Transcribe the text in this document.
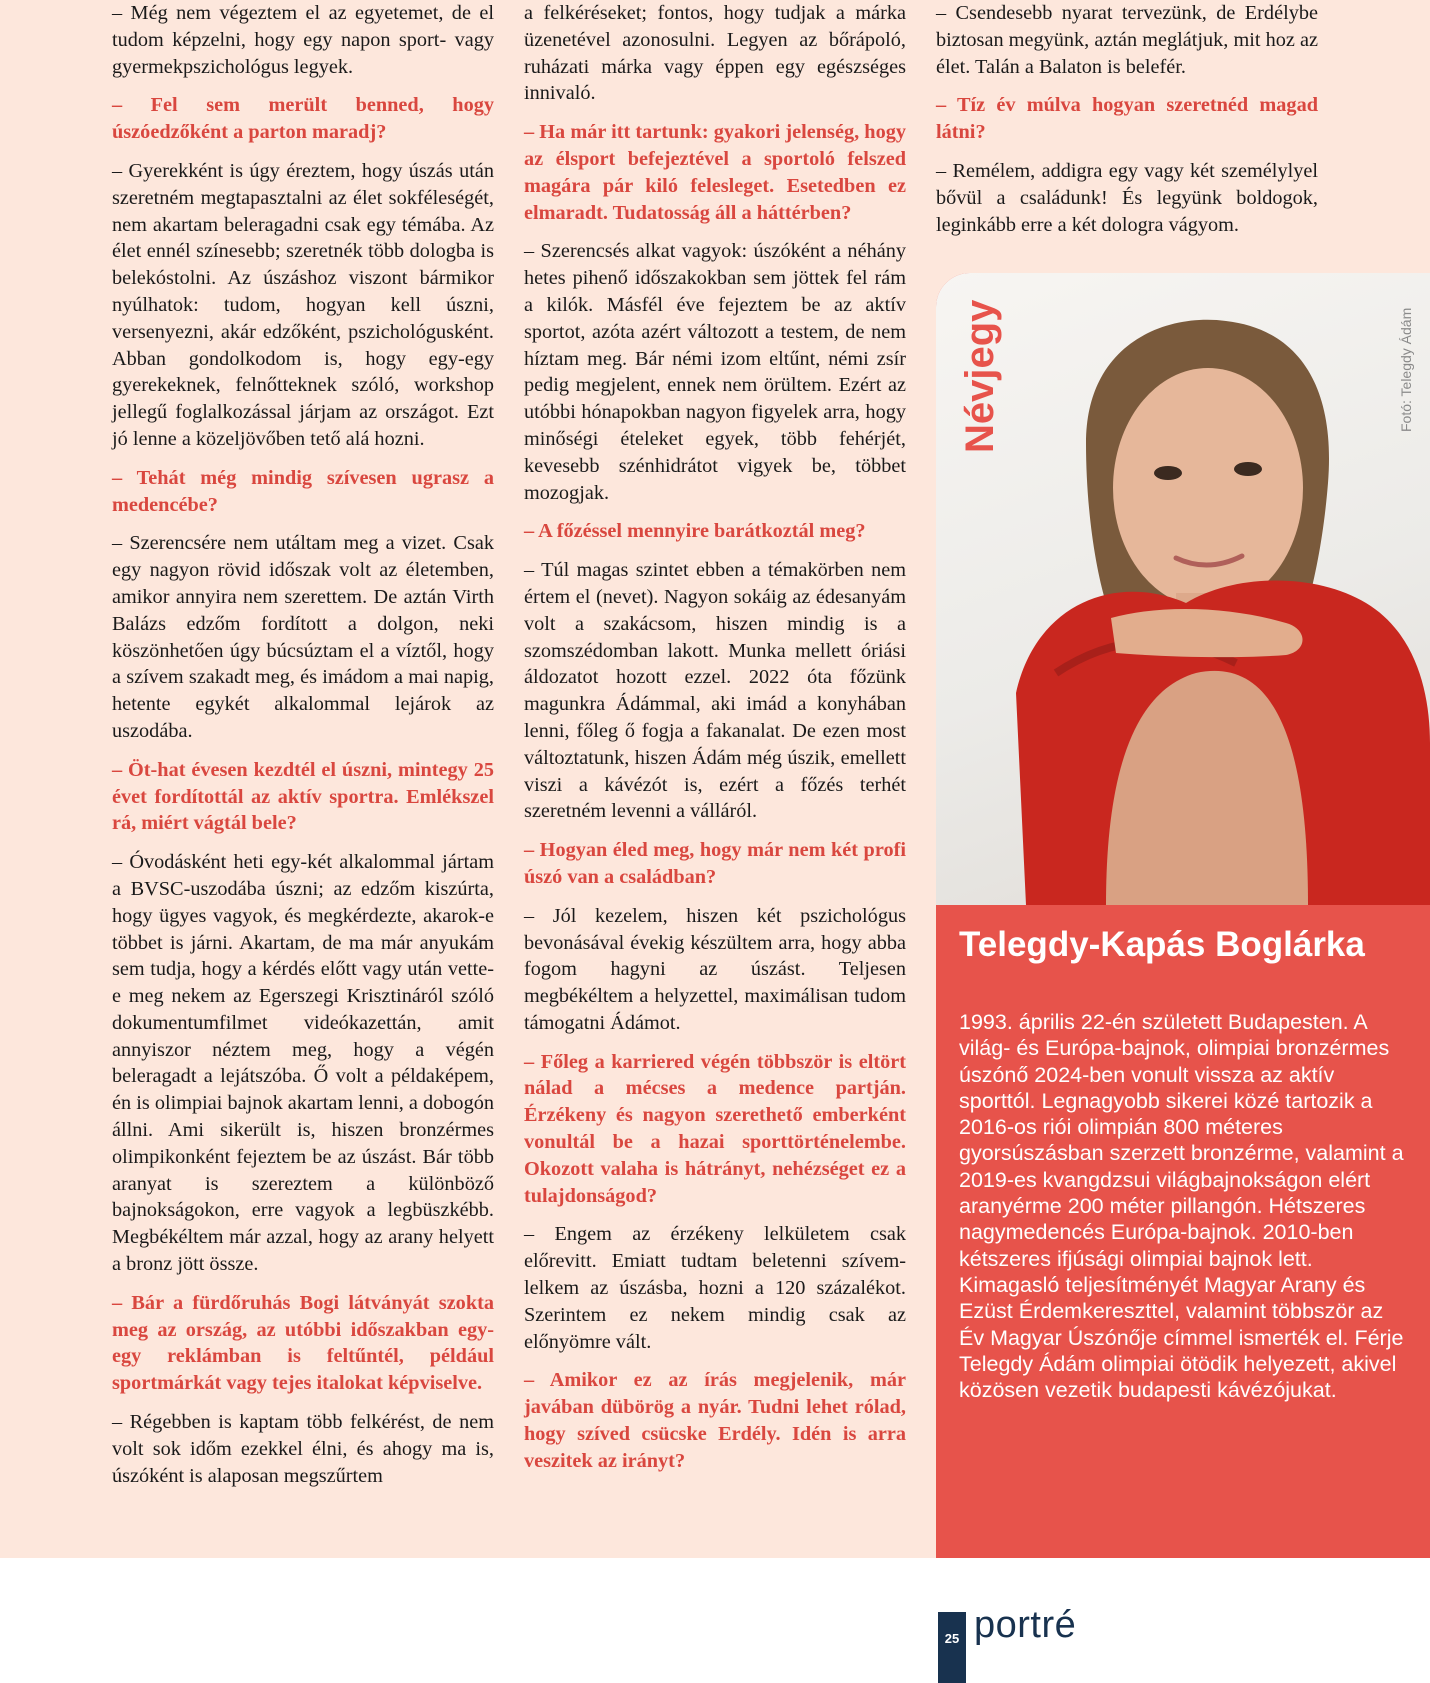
– Még nem végeztem el az egyetemet, de el tudom képzelni, hogy egy napon sport- vagy gyermekpszichológus legyek.

– Fel sem merült benned, hogy úszóedzőként a parton maradj?

– Gyerekként is úgy éreztem, hogy úszás után szeretném megtapasztalni az élet sokféleségét, nem akartam beleragadni csak egy témába. Az élet ennél színesebb; szeretnék több dologba is belekóstolni. Az úszáshoz viszont bármikor nyúlhatok: tudom, hogyan kell úszni, versenyezni, akár edzőként, pszichológusként. Abban gondolkodom is, hogy egy-egy gyerekeknek, felnőtteknek szóló, workshop jellegű foglalkozással járjam az országot. Ezt jó lenne a közeljövőben tető alá hozni.

– Tehát még mindig szívesen ugrasz a medencébe?

– Szerencsére nem utáltam meg a vizet. Csak egy nagyon rövid időszak volt az életemben, amikor annyira nem szerettem. De aztán Virth Balázs edzőm fordított a dolgon, neki köszönhetően úgy búcsúztam el a víztől, hogy a szívem szakadt meg, és imádom a mai napig, hetente egykét alkalommal lejárok az uszodába.

– Öt-hat évesen kezdtél el úszni, mintegy 25 évet fordítottál az aktív sportra. Emlékszel rá, miért vágtál bele?

– Óvodásként heti egy-két alkalommal jártam a BVSC-uszodába úszni; az edzőm kiszúrta, hogy ügyes vagyok, és megkérdezte, akarok-e többet is járni. Akartam, de ma már anyukám sem tudja, hogy a kérdés előtt vagy után vette-e meg nekem az Egerszegi Krisztináról szóló dokumentumfilmet videókazettán, amit annyiszor néztem meg, hogy a végén beleragadt a lejátszóba. Ő volt a példaképem, én is olimpiai bajnok akartam lenni, a dobogón állni. Ami sikerült is, hiszen bronzérmes olimpikonként fejeztem be az úszást. Bár több aranyat is szereztem a különböző bajnokságokon, erre vagyok a legbüszkébb. Megbékéltem már azzal, hogy az arany helyett a bronz jött össze.

– Bár a fürdőruhás Bogi látványát szokta meg az ország, az utóbbi időszakban egy-egy reklámban is feltűntél, például sportmárkát vagy tejes italokat képviselve.

– Régebben is kaptam több felkérést, de nem volt sok időm ezekkel élni, és ahogy ma is, úszóként is alaposan megszűrtem

a felkéréseket; fontos, hogy tudjak a márka üzenetével azonosulni. Legyen az bőrápoló, ruházati márka vagy éppen egy egészséges innivaló.

– Ha már itt tartunk: gyakori jelenség, hogy az élsport befejeztével a sportoló felszed magára pár kiló felesleget. Esetedben ez elmaradt. Tudatosság áll a háttérben?

– Szerencsés alkat vagyok: úszóként a néhány hetes pihenő időszakokban sem jöttek fel rám a kilók. Másfél éve fejeztem be az aktív sportot, azóta azért változott a testem, de nem híztam meg. Bár némi izom eltűnt, némi zsír pedig megjelent, ennek nem örültem. Ezért az utóbbi hónapokban nagyon figyelek arra, hogy minőségi ételeket egyek, több fehérjét, kevesebb szénhidrátot vigyek be, többet mozogjak.

– A főzéssel mennyire barátkoztál meg?

– Túl magas szintet ebben a témakörben nem értem el (nevet). Nagyon sokáig az édesanyám volt a szakácsom, hiszen mindig is a szomszédomban lakott. Munka mellett óriási áldozatot hozott ezzel. 2022 óta főzünk magunkra Ádámmal, aki imád a konyhában lenni, főleg ő fogja a fakanalat. De ezen most változtatunk, hiszen Ádám még úszik, emellett viszi a kávézót is, ezért a főzés terhét szeretném levenni a válláról.

– Hogyan éled meg, hogy már nem két profi úszó van a családban?

– Jól kezelem, hiszen két pszichológus bevonásával évekig készültem arra, hogy abba fogom hagyni az úszást. Teljesen megbékéltem a helyzettel, maximálisan tudom támogatni Ádámot.

– Főleg a karriered végén többször is eltört nálad a mécses a medence partján. Érzékeny és nagyon szerethető emberként vonultál be a hazai sporttörténelembe. Okozott valaha is hátrányt, nehézséget ez a tulajdonságod?

– Engem az érzékeny lelkületem csak előrevitt. Emiatt tudtam beletenni szívem-lelkem az úszásba, hozni a 120 százalékot. Szerintem ez nekem mindig csak az előnyömre vált.

– Amikor ez az írás megjelenik, már javában dübörög a nyár. Tudni lehet rólad, hogy szíved csücske Erdély. Idén is arra veszitek az irányt?

– Csendesebb nyarat tervezünk, de Erdélybe biztosan megyünk, aztán meglátjuk, mit hoz az élet. Talán a Balaton is belefér.

– Tíz év múlva hogyan szeretnéd magad látni?

– Remélem, addigra egy vagy két személylyel bővül a családunk! És legyünk boldogok, leginkább erre a két dologra vágyom.

Névjegy
Telegdy-Kapás Boglárka

1993. április 22-én született Budapesten. A világ- és Európa-bajnok, olimpiai bronzérmes úszónő 2024-ben vonult vissza az aktív sporttól. Legnagyobb sikerei közé tartozik a 2016-os riói olimpián 800 méteres gyorsúszásban szerzett bronzérme, valamint a 2019-es kvangdzsui világbajnokságon elért aranyérme 200 méter pillangón. Hétszeres nagymedencés Európa-bajnok. 2010-ben kétszeres ifjúsági olimpiai bajnok lett. Kimagasló teljesítményét Magyar Arany és Ezüst Érdemkereszttel, valamint többször az Év Magyar Úszónője címmel ismerték el. Férje Telegdy Ádám olimpiai ötödik helyezett, akivel közösen vezetik budapesti kávézójukat.

Fotó: Telegdy Ádám
25 portré
